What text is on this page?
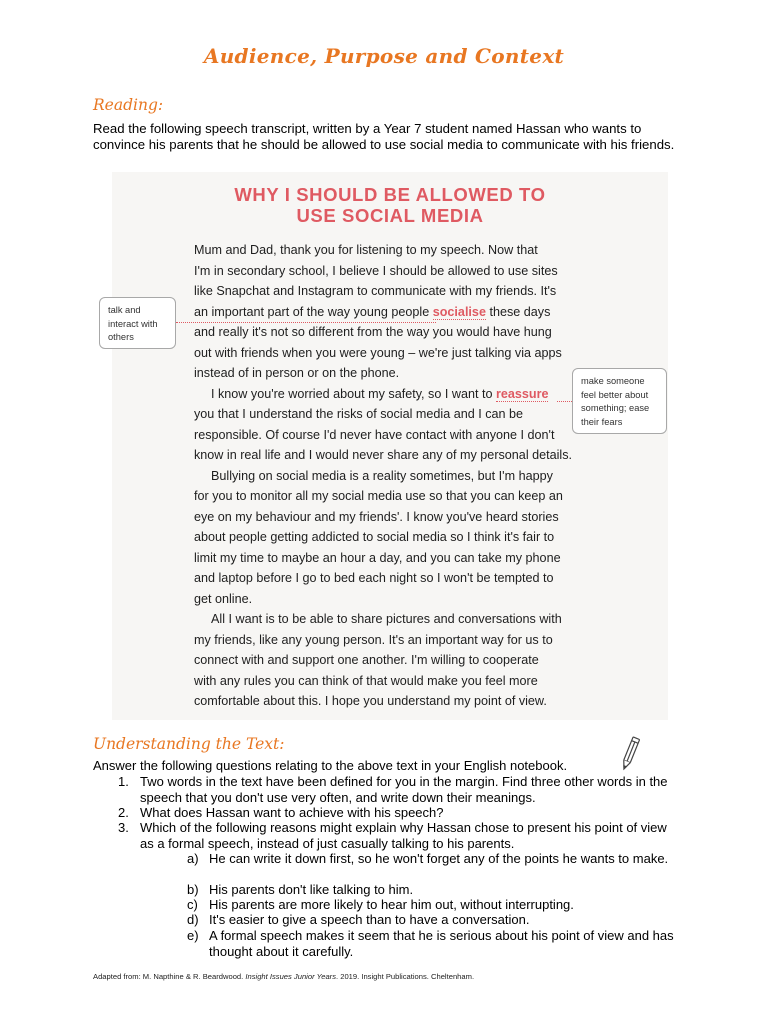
Audience, Purpose and Context
Reading:
Read the following speech transcript, written by a Year 7 student named Hassan who wants to convince his parents that he should be allowed to use social media to communicate with his friends.
WHY I SHOULD BE ALLOWED TO
USE SOCIAL MEDIA
Mum and Dad, thank you for listening to my speech. Now that
I'm in secondary school, I believe I should be allowed to use sites
like Snapchat and Instagram to communicate with my friends. It's
an important part of the way young people socialise these days
and really it's not so different from the way you would have hung
out with friends when you were young – we're just talking via apps
instead of in person or on the phone.
I know you're worried about my safety, so I want to reassure
you that I understand the risks of social media and I can be
responsible. Of course I'd never have contact with anyone I don't
know in real life and I would never share any of my personal details.
Bullying on social media is a reality sometimes, but I'm happy
for you to monitor all my social media use so that you can keep an
eye on my behaviour and my friends'. I know you've heard stories
about people getting addicted to social media so I think it's fair to
limit my time to maybe an hour a day, and you can take my phone
and laptop before I go to bed each night so I won't be tempted to
get online.
All I want is to be able to share pictures and conversations with
my friends, like any young person. It's an important way for us to
connect with and support one another. I'm willing to cooperate
with any rules you can think of that would make you feel more
comfortable about this. I hope you understand my point of view.
talk and
interact with
others
make someone
feel better about
something; ease
their fears
Understanding the Text:
Answer the following questions relating to the above text in your English notebook.
1. Two words in the text have been defined for you in the margin. Find three other words in the speech that you don't use very often, and write down their meanings.
2. What does Hassan want to achieve with his speech?
3. Which of the following reasons might explain why Hassan chose to present his point of view as a formal speech, instead of just casually talking to his parents.
a) He can write it down first, so he won't forget any of the points he wants to make.
b) His parents don't like talking to him.
c) His parents are more likely to hear him out, without interrupting.
d) It's easier to give a speech than to have a conversation.
e) A formal speech makes it seem that he is serious about his point of view and has thought about it carefully.
Adapted from: M. Napthine & R. Beardwood. Insight Issues Junior Years. 2019. Insight Publications. Cheltenham.
